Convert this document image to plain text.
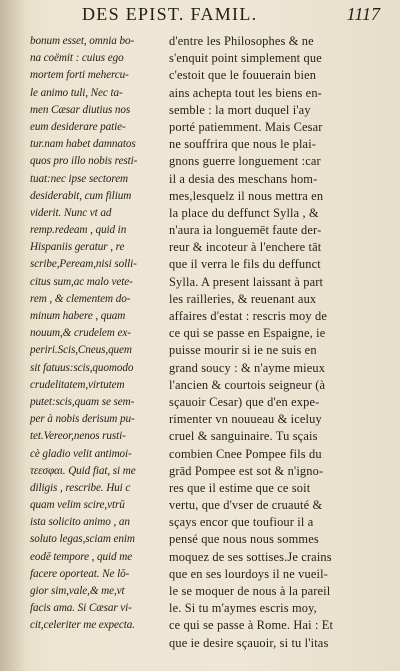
DES EPIST. FAMIL.	1117
bonum esset, omnia bo-
na coëmit : cuius ego
mortem forti mehercu-
le animo tuli, Nec ta-
men Cæsar diutius nos
eum desiderare patie-
tur.nam habet damnatos
quos pro illo nobis resti-
tuat:nec ipse sectorem
desiderabit, cum filium
viderit. Nunc vt ad
remp.redeam , quid in
Hispaniis geratur , re
scribe,Peream,nisi solli-
citus sum,ac malo vete-
rem , & clementem do-
minum habere , quam
nouum,& crudelem ex-
periri.Scis,Cneus,quem
sit fatuus:scis,quomodo
crudelitatem,virtutem
putet:scis,quam se sem-
per à nobis derisum pu-
tet.Vereor,nenos rusti-
cè gladio velit antimoi-
τεεσφαι. Quid fiat, si me
diligis , rescribe. Hui c
quam velim scire,vtrū
ista solicito animo , an
soluto legas,sciam enim
eodē tempore , quid me
facere oporteat. Ne lō-
gior sim,vale,& me,vt
facis ama. Si Cæsar vi-
cit,celeriter me expecta.
d'entre les Philosophes & ne
s'enquit point simplement que
c'estoit que le fouuerain bien
ains achepta tout les biens en-
semble : la mort duquel i'ay
porté patiemment. Mais Cesar
ne souffrira que nous le plai-
gnons guerre longuement :car
il a desia des meschans hom-
mes,lesquelz il nous mettra en
la place du deffunct Sylla , &
n'aura ia longuemēt faute der-
reur & incoteur à l'enchere tāt
que il verra le fils du deffunct
Sylla. A present laissant à part
les railleries, & reuenant aux
affaires d'estat : rescris moy de
ce qui se passe en Espaigne, ie
puisse mourir si ie ne suis en
grand soucy : & n'ayme mieux
l'ancien & courtois seigneur (à
sçauoir Cesar) que d'en expe-
rimenter vn nouueau & iceluy
cruel & sanguinaire. Tu sçais
combien Cnee Pompee fils du
grād Pompee est sot & n'igno-
res que il estime que ce soit
vertu, que d'vser de cruauté &
sçays encor que toufiour il a
pensé que nous nous sommes
moquez de ses sottises.Je crains
que en ses lourdoys il ne vueil-
le se moquer de nous à la pareil
le. Si tu m'aymes escris moy,
ce qui se passe à Rome. Hai : Et
que ie desire sçauoir, si tu l'itas
